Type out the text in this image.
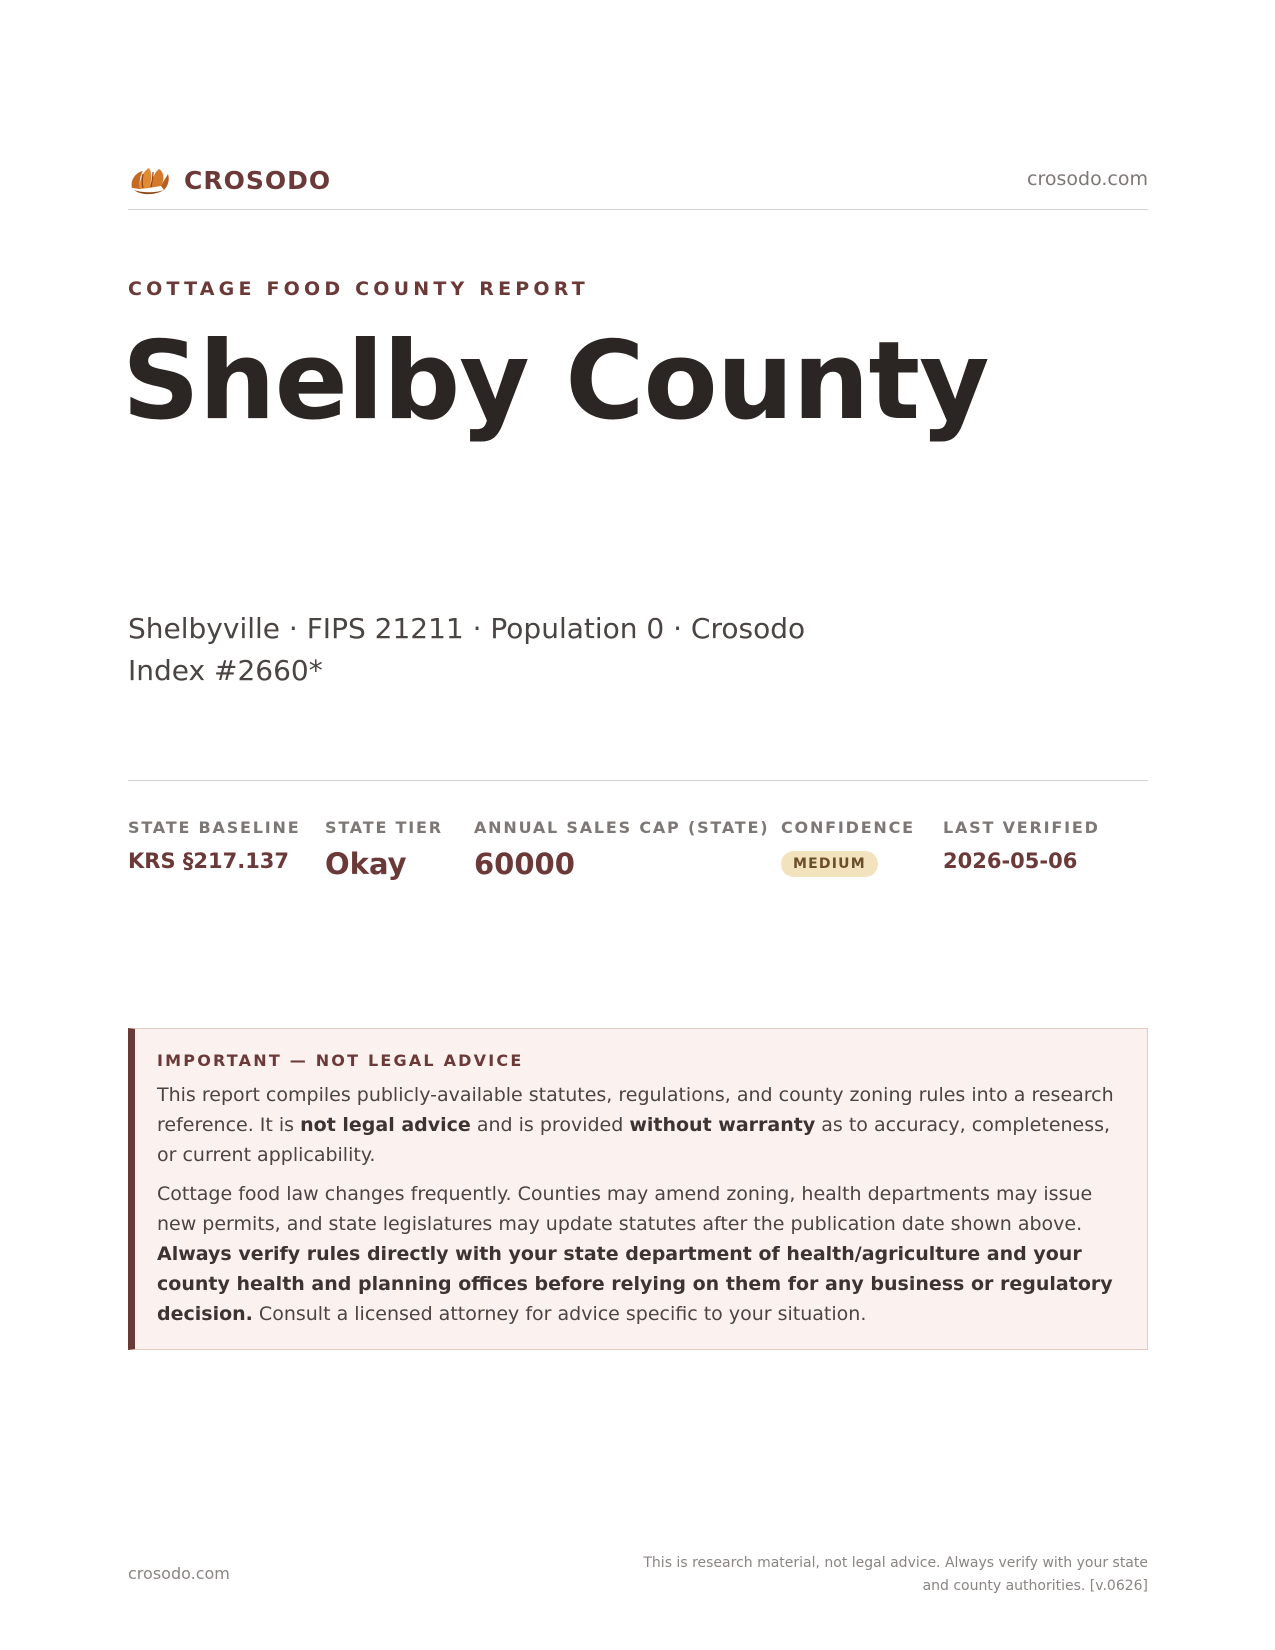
CROSODO	crosodo.com
COTTAGE FOOD COUNTY REPORT
Shelby County

Shelbyville · FIPS 21211 · Population 0 · Crosodo Index #2660*

STATE BASELINE
KRS §217.137
STATE TIER
Okay
ANNUAL SALES CAP (STATE)
60000
CONFIDENCE
MEDIUM
LAST VERIFIED
2026-05-06
IMPORTANT — NOT LEGAL ADVICE

This report compiles publicly-available statutes, regulations, and county zoning rules into a research reference. It is not legal advice and is provided without warranty as to accuracy, completeness, or current applicability.

Cottage food law changes frequently. Counties may amend zoning, health departments may issue new permits, and state legislatures may update statutes after the publication date shown above. Always verify rules directly with your state department of health/agriculture and your county health and planning offices before relying on them for any business or regulatory decision. Consult a licensed attorney for advice specific to your situation.

crosodo.com
This is research material, not legal advice. Always verify with your state and county authorities. [v.0626]
